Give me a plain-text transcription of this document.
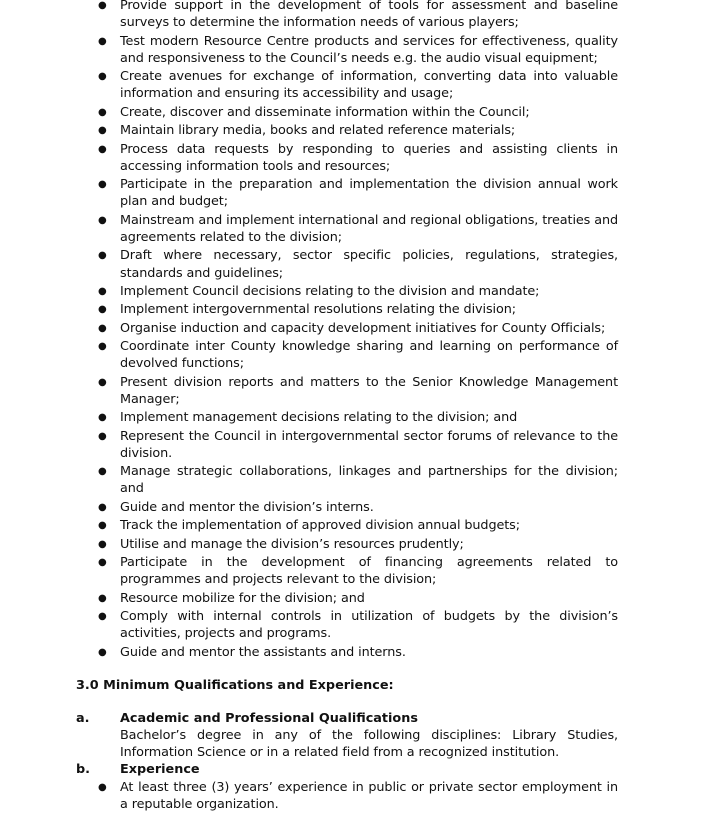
● Provide support in the development of tools for assessment and baseline surveys to determine the information needs of various players;
● Test modern Resource Centre products and services for effectiveness, quality and responsiveness to the Council’s needs e.g. the audio visual equipment;
● Create avenues for exchange of information, converting data into valuable information and ensuring its accessibility and usage;
● Create, discover and disseminate information within the Council;
● Maintain library media, books and related reference materials;
● Process data requests by responding to queries and assisting clients in accessing information tools and resources;
● Participate in the preparation and implementation the division annual work plan and budget;
● Mainstream and implement international and regional obligations, treaties and agreements related to the division;
● Draft where necessary, sector specific policies, regulations, strategies, standards and guidelines;
● Implement Council decisions relating to the division and mandate;
● Implement intergovernmental resolutions relating the division;
● Organise induction and capacity development initiatives for County Officials;
● Coordinate inter County knowledge sharing and learning on performance of devolved functions;
● Present division reports and matters to the Senior Knowledge Management Manager;
● Implement management decisions relating to the division; and
● Represent the Council in intergovernmental sector forums of relevance to the division.
● Manage strategic collaborations, linkages and partnerships for the division; and
● Guide and mentor the division’s interns.
● Track the implementation of approved division annual budgets;
● Utilise and manage the division’s resources prudently;
● Participate in the development of financing agreements related to programmes and projects relevant to the division;
● Resource mobilize for the division; and
● Comply with internal controls in utilization of budgets by the division’s activities, projects and programs.
● Guide and mentor the assistants and interns.
3.0 Minimum Qualifications and Experience:
a. Academic and Professional Qualifications
Bachelor’s degree in any of the following disciplines: Library Studies, Information Science or in a related field from a recognized institution.
b. Experience
● At least three (3) years’ experience in public or private sector employment in a reputable organization.
